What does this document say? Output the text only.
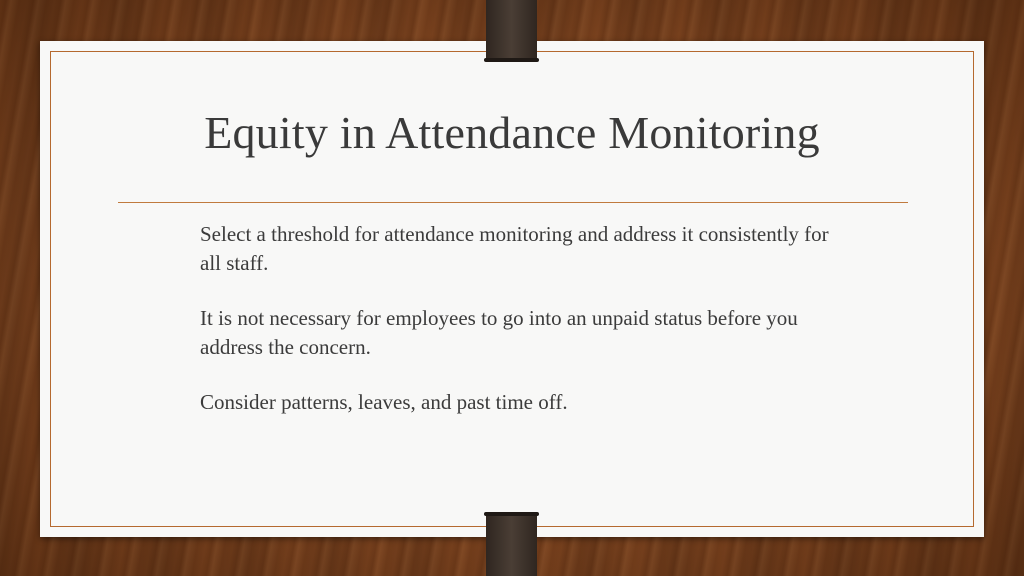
Equity in Attendance Monitoring

Select a threshold for attendance monitoring and address it consistently for all staff.

It is not necessary for employees to go into an unpaid status before you address the concern.

Consider patterns, leaves, and past time off.
